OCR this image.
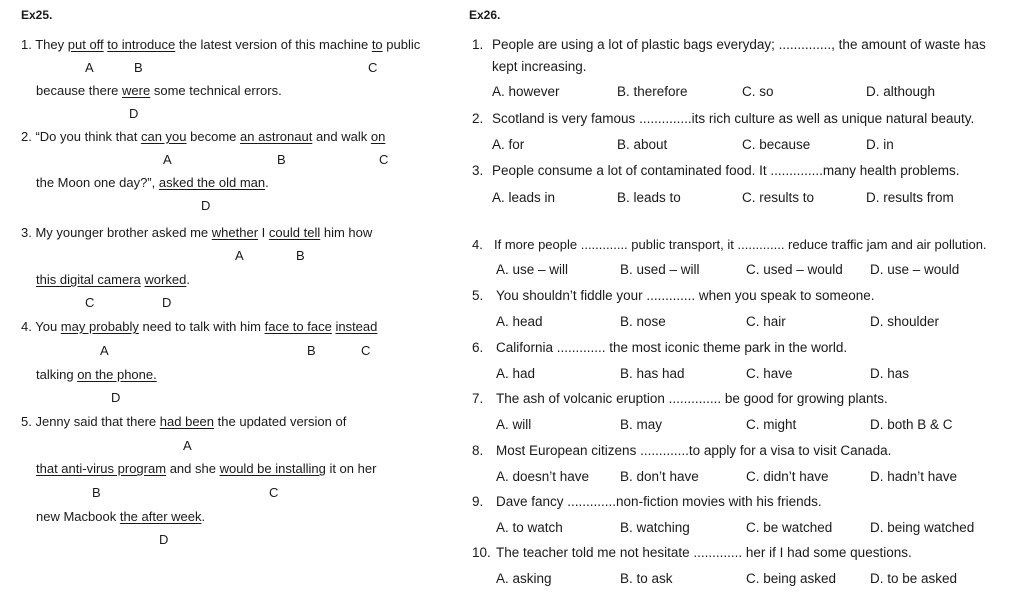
Ex25.
1. They put off to introduce the latest version of this machine to public
A	B	C
because there were some technical errors.
D
2. “Do you think that can you become an astronaut and walk on
A	B	C
the Moon one day?”, asked the old man.
D
3. My younger brother asked me whether I could tell him how
A	B
this digital camera worked.
C	D
4. You may probably need to talk with him face to face instead
A	B	C
talking on the phone.
D
5. Jenny said that there had been the updated version of
A
that anti-virus program and she would be installing it on her
B	C
new Macbook the after week.
D
Ex26.
1. People are using a lot of plastic bags everyday; .............., the amount of waste has
kept increasing.
A. however	B. therefore	C. so	D. although
2. Scotland is very famous ..............its rich culture as well as unique natural beauty.
A. for	B. about	C. because	D. in
3. People consume a lot of contaminated food. It ..............many health problems.
A. leads in	B. leads to	C. results to	D. results from
4. If more people ............. public transport, it ............. reduce traffic jam and air pollution.
A. use – will	B. used – will	C. used – would D. use – would
5. You shouldn’t fiddle your ............. when you speak to someone.
A. head	B. nose	C. hair	D. shoulder
6. California ............. the most iconic theme park in the world.
A. had	B. has had	C. have	D. has
7. The ash of volcanic eruption .............. be good for growing plants.
A. will	B. may	C. might	D. both B & C
8. Most European citizens .............to apply for a visa to visit Canada.
A. doesn’t have B. don’t have	C. didn’t have	D. hadn’t have
9. Dave fancy .............non-fiction movies with his friends.
A. to watch	B. watching	C. be watched	D. being watched
10. The teacher told me not hesitate ............. her if I had some questions.
A. asking	B. to ask	C. being asked	D. to be asked
